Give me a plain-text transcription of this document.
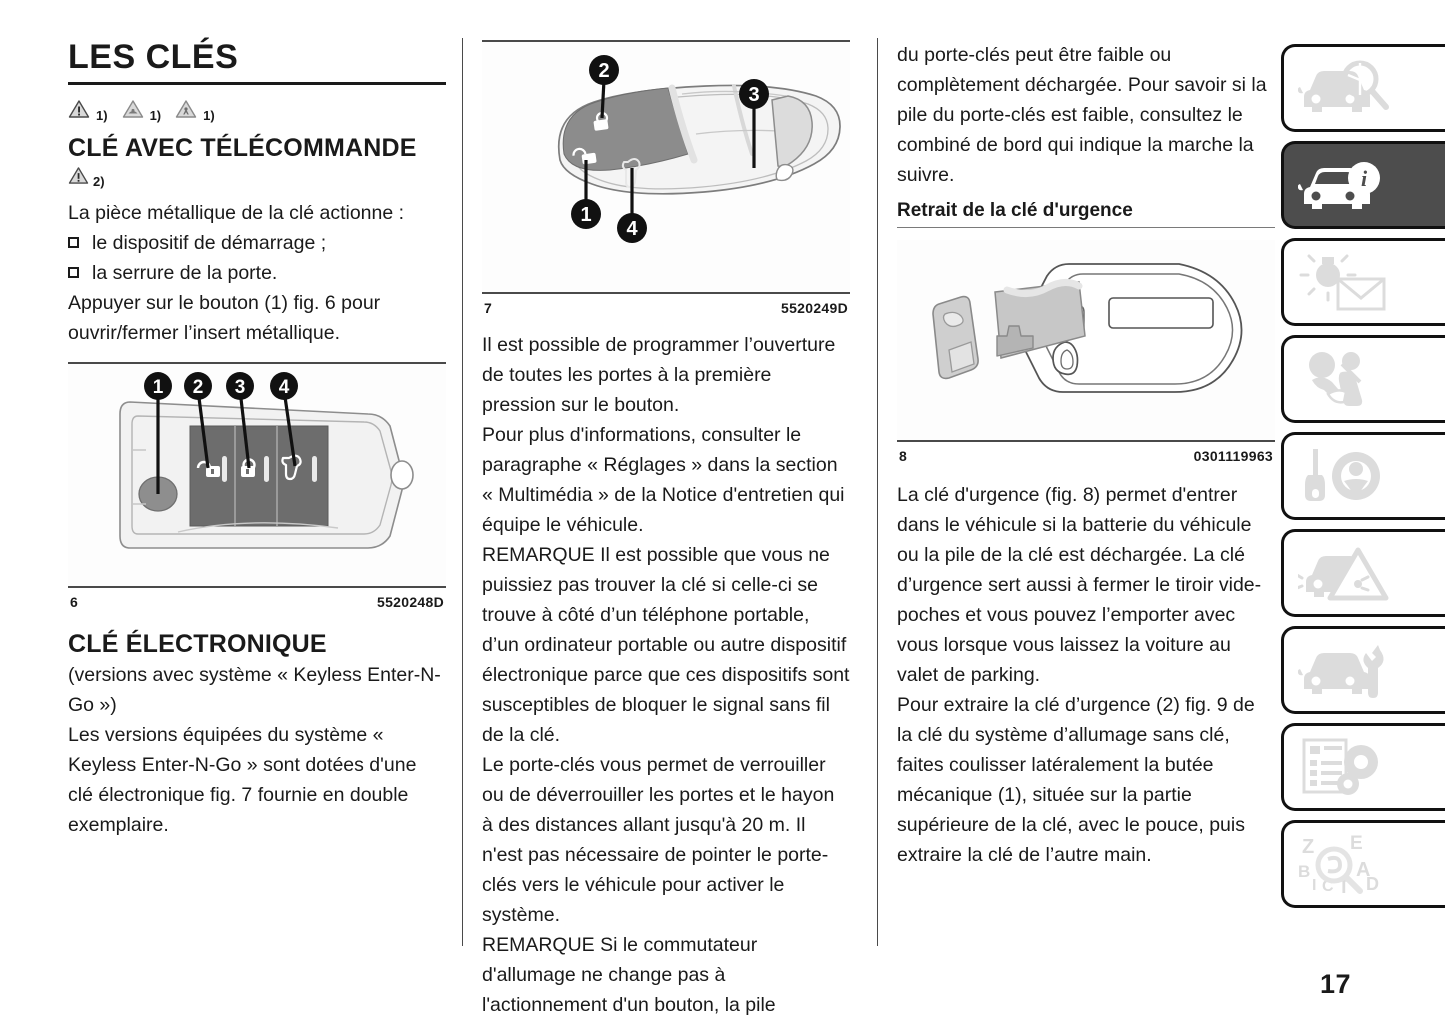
LES CLÉS
1)	1)	1)
CLÉ AVEC TÉLÉCOMMANDE
2)

La pièce métallique de la clé actionne :

le dispositif de démarrage ;
la serrure de la porte.

Appuyer sur le bouton (1) fig. 6 pour ouvrir/fermer l’insert métallique.

1 2 3 4
6	5520248D
CLÉ ÉLECTRONIQUE

(versions avec système « Keyless Enter-N-Go »)

Les versions équipées du système « Keyless Enter-N-Go » sont dotées d'une clé électronique fig. 7 fournie en double exemplaire.

2
1
4
3
7	5520249D

Il est possible de programmer l’ouverture de toutes les portes à la première pression sur le bouton.

Pour plus d'informations, consulter le paragraphe « Réglages » dans la section « Multimédia » de la Notice d'entretien qui équipe le véhicule.

REMARQUE Il est possible que vous ne puissiez pas trouver la clé si celle-ci se trouve à côté d’un téléphone portable, d’un ordinateur portable ou autre dispositif électronique parce que ces dispositifs sont susceptibles de bloquer le signal sans fil de la clé.

Le porte-clés vous permet de verrouiller ou de déverrouiller les portes et le hayon à des distances allant jusqu'à 20 m. Il n'est pas nécessaire de pointer le porte-clés vers le véhicule pour activer le système.

REMARQUE Si le commutateur d'allumage ne change pas à l'actionnement d'un bouton, la pile

du porte-clés peut être faible ou complètement déchargée. Pour savoir si la pile du porte-clés est faible, consultez le combiné de bord qui indique la marche la suivre.

Retrait de la clé d'urgence
8	0301119963

La clé d'urgence (fig. 8) permet d'entrer dans le véhicule si la batterie du véhicule ou la pile de la clé est déchargée. La clé d’urgence sert aussi à fermer le tiroir vide-poches et vous pouvez l’emporter avec vous lorsque vous laissez la voiture au valet de parking.

Pour extraire la clé d’urgence (2) fig. 9 de la clé du système d’allumage sans clé, faites coulisser latéralement la butée mécanique (1), située sur la partie supérieure de la clé, avec le pouce, puis extraire la clé de l’autre main.

i
Z
B
I C T
E
A
D
17
